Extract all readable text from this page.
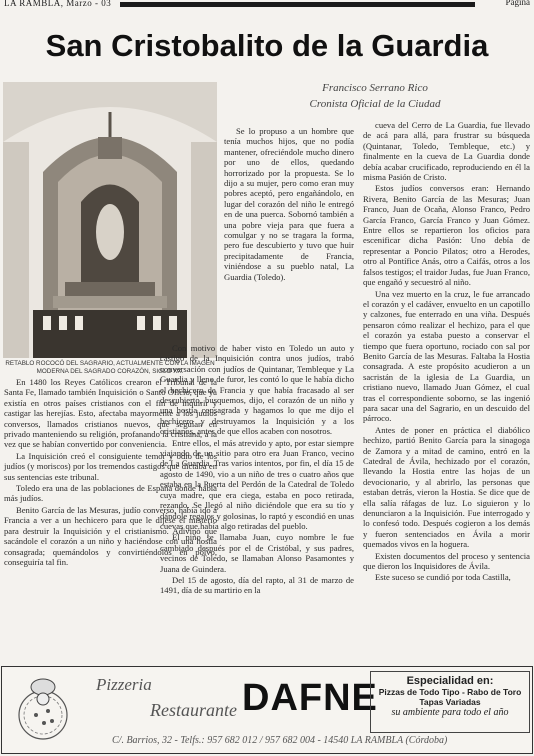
LA RAMBLA, Marzo - 03	Página
San Cristobalito de la Guardia
Francisco Serrano Rico
Cronista Oficial de la Ciudad
RETABLO ROCOCÓ DEL SAGRARIO, ACTUALMENTE CON LA IMAGEN MODERNA DEL SAGRADO CORAZÓN, SIGLO XX.

En 1480 los Reyes Católicos crearon el Tribunal de la Santa Fe, llamado también Inquisición o Santo Oficio, que ya existía en otros países cristianos con el fin de inquirir y castigar las herejías. Esto, afectaba mayormente a los judíos conversos, llamados cristianos nuevos, que seguían en privado manteniendo su religión, profanando la cristiana, a la vez que se habían convertido por conveniencia.

La Inquisición creó el consiguiente temor y odio de los judíos (y moriscos) por los tremendos castigos que dictaba en sus sentencias este tribunal.

Toledo era una de las poblaciones de España donde había más judíos.

Benito García de las Mesuras, judío converso, había ido a Francia a ver a un hechicero para que le dijese el misterio para destruir la Inquisición y el cristianismo. Adivinó que sacándole el corazón a un niño y haciéndose con una hostia consagrada; quemándolos y convirtiéndolos en polvo, conseguiría tal fin.

Se lo propuso a un hombre que tenía muchos hijos, que no podía mantener, ofreciéndole mucho dinero por uno de ellos, quedando horrorizado por la propuesta. Se lo dijo a su mujer, pero como eran muy pobres aceptó, pero engañándolo, en lugar del corazón del niño le entregó en de una puerca. Sobornó también a una pobre vieja para que fuera a comulgar y no se tragara la forma, pero fue descubierto y tuvo que huir precipitadamente de Francia, viniéndose a su pueblo natal, La Guardia (Toledo).

Con motivo de haber visto en Toledo un auto y castigo de la Inquisición contra unos judíos, trabó conversación con judíos de Quintanar, Tembleque y La Guardia y lleno de furor, les contó lo que le había dicho el hechicero de Francia y que había fracasado al ser descubierto, busquemos, dijo, el corazón de un niño y una hostia consagrada y hagamos lo que me dijo el hechicero y destruyamos la Inquisición y a los cristianos, antes de que ellos acaben con nosotros.

Entre ellos, el más atrevido y apto, por estar siempre viajando de un sitio para otro era Juan Franco, vecino de La Guardia. Tras varios intentos, por fin, el día 15 de agosto de 1490, vio a un niño de tres o cuatro años que estaba en la Puerta del Perdón de la Catedral de Toledo cuya madre, que era ciega, estaba en poco retirada, rezando. Se llegó al niño diciéndole que era su tío y dándole regalos y golosinas, lo raptó y escondió en unas cuevas que había algo retiradas del pueblo.

El niño se llamaba Juan, cuyo nombre le fue cambiado después por el de Cristóbal, y sus padres, vecinos de Toledo, se llamaban Alonso Pasamontes y Juana de Guindera.

Del 15 de agosto, día del rapto, al 31 de marzo de 1491, día de su martirio en la

cueva del Cerro de La Guardia, fue llevado de acá para allá, para frustrar su búsqueda (Quintanar, Toledo, Tembleque, etc.) y finalmente en la cueva de La Guardia donde debía acabar crucificado, reproduciendo en él la misma Pasión de Cristo.

Estos judíos conversos eran: Hernando Rivera, Benito García de las Mesuras; Juan Franco, Juan de Ocaña, Alonso Franco, Pedro García Franco, García Franco y Juan Gómez. Entre ellos se repartieron los oficios para escenificar dicha Pasión: Uno debía de representar a Poncio Pilatos; otro a Herodes, otro al Pontífice Anás, otro a Caifás, otros a los falsos testigos; el traidor Judas, fue Juan Franco, que engañó y secuestró al niño.

Una vez muerto en la cruz, le fue arrancado el corazón y el cadáver, envuelto en un capotillo y calzones, fue enterrado en una viña. Después pensaron cómo realizar el hechizo, para el que el corazón ya estaba puesto a conservar el tiempo que fuera oportuno, rociado con sal por Benito García de las Mesuras. Faltaba la Hostia consagrada. A este propósito acudieron a un sacristán de la iglesia de La Guardia, un cristiano nuevo, llamado Juan Gómez, el cual tras el correspondiente soborno, se las ingenió para sacar una del Sagrario, en un descuido del párroco.

Antes de poner en práctica el diabólico hechizo, partió Benito García para la sinagoga de Zamora y a mitad de camino, entró en la Catedral de Ávila, hechizado por el corazón, llevando la Hostia entre las hojas de un devocionario, y al abrirlo, las personas que estaban detrás, vieron la Hostia. Se dice que de ella salía ráfagas de luz. Lo siguieron y lo denunciaron a la Inquisición. Fue interrogado y lo confesó todo. Después cogieron a los demás y fueron sentenciados en Ávila a morir quemados vivos en la hoguera.

Existen documentos del proceso y sentencia que dieron los Inquisidores de Ávila.

Este suceso se cundió por toda Castilla,

Pizzeria
Restaurante DAFNE	Especialidad en:
Pizzas de Todo Tipo - Rabo de Toro
Tapas Variadas
su ambiente para todo el año
C/. Barrios, 32 - Telfs.: 957 682 012 / 957 682 004 - 14540 LA RAMBLA (Córdoba)
